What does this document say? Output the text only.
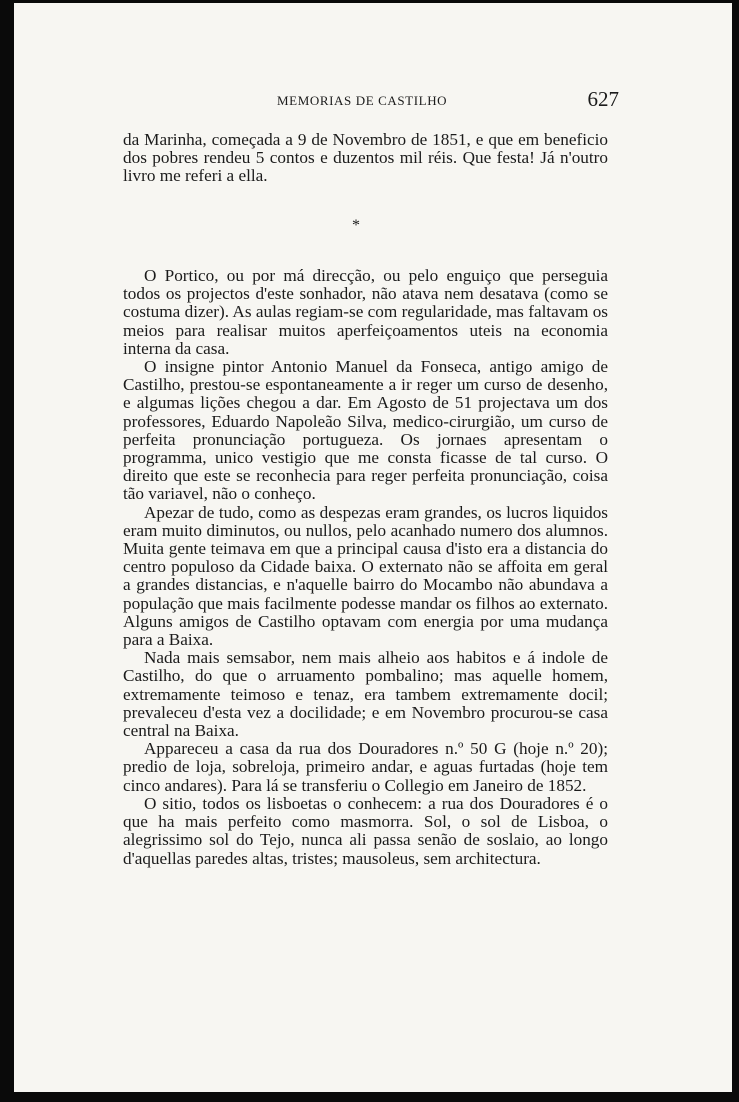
MEMORIAS DE CASTILHO	627

da Marinha, começada a 9 de Novembro de 1851, e que em beneficio dos pobres rendeu 5 contos e duzentos mil réis. Que festa! Já n'outro livro me referi a ella.

*

O Portico, ou por má direcção, ou pelo enguiço que perseguia todos os projectos d'este sonhador, não atava nem desatava (como se costuma dizer). As aulas regiam-se com regularidade, mas faltavam os meios para realisar muitos aperfeiçoamentos uteis na economia interna da casa.

O insigne pintor Antonio Manuel da Fonseca, antigo amigo de Castilho, prestou-se espontaneamente a ir reger um curso de desenho, e algumas lições chegou a dar. Em Agosto de 51 projectava um dos professores, Eduardo Napoleão Silva, medico-cirurgião, um curso de perfeita pronunciação portugueza. Os jornaes apresentam o programma, unico vestigio que me consta ficasse de tal curso. O direito que este se reconhecia para reger perfeita pronunciação, coisa tão variavel, não o conheço.

Apezar de tudo, como as despezas eram grandes, os lucros liquidos eram muito diminutos, ou nullos, pelo acanhado numero dos alumnos. Muita gente teimava em que a principal causa d'isto era a distancia do centro populoso da Cidade baixa. O externato não se affoita em geral a grandes distancias, e n'aquelle bairro do Mocambo não abundava a população que mais facilmente podesse mandar os filhos ao externato. Alguns amigos de Castilho optavam com energia por uma mudança para a Baixa.

Nada mais semsabor, nem mais alheio aos habitos e á indole de Castilho, do que o arruamento pombalino; mas aquelle homem, extremamente teimoso e tenaz, era tambem extremamente docil; prevaleceu d'esta vez a docilidade; e em Novembro procurou-se casa central na Baixa.

Appareceu a casa da rua dos Douradores n.º 50 G (hoje n.º 20); predio de loja, sobreloja, primeiro andar, e aguas furtadas (hoje tem cinco andares). Para lá se transferiu o Collegio em Janeiro de 1852.

O sitio, todos os lisboetas o conhecem: a rua dos Douradores é o que ha mais perfeito como masmorra. Sol, o sol de Lisboa, o alegrissimo sol do Tejo, nunca ali passa senão de soslaio, ao longo d'aquellas paredes altas, tristes; mausoleus, sem architectura.
